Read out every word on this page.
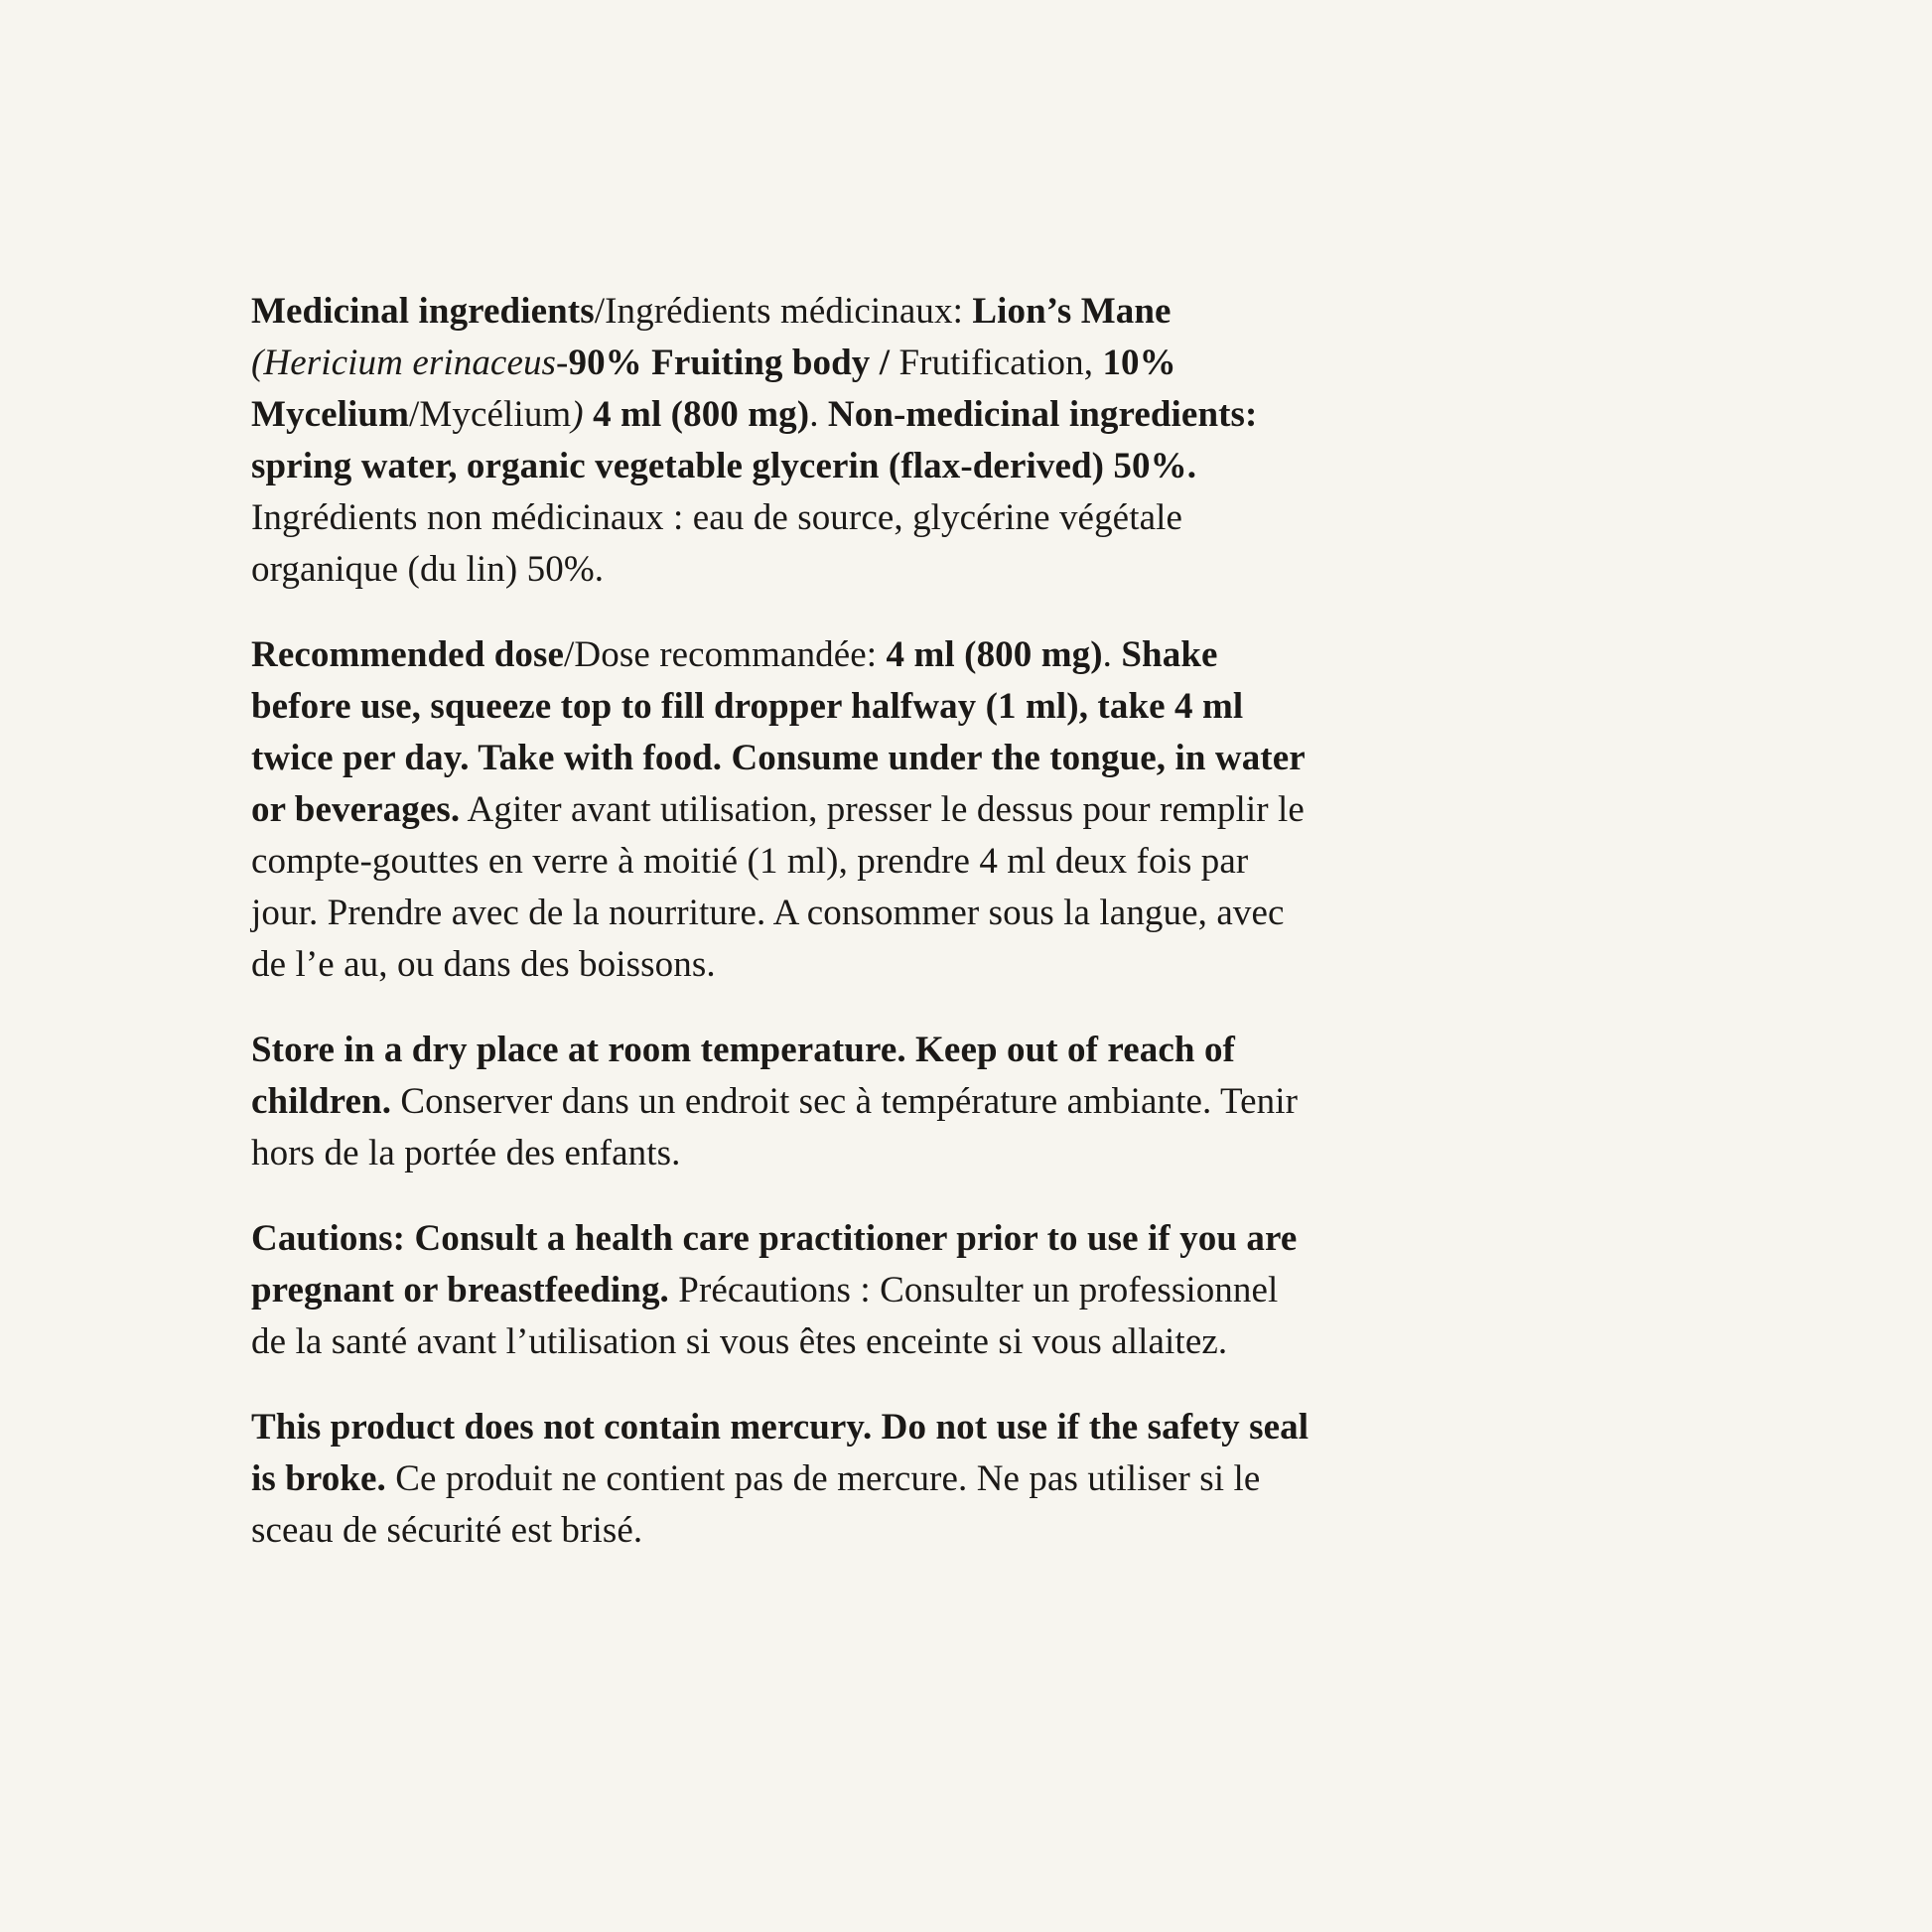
Medicinal ingredients/Ingrédients médicinaux: Lion’s Mane (Hericium erinaceus-90% Fruiting body / Frutification, 10% Mycelium/Mycélium) 4 ml (800 mg). Non-medicinal ingredients: spring water, organic vegetable glycerin (flax-derived) 50%. Ingrédients non médicinaux : eau de source, glycérine végétale organique (du lin) 50%.

Recommended dose/Dose recommandée: 4 ml (800 mg). Shake before use, squeeze top to fill dropper halfway (1 ml), take 4 ml twice per day. Take with food. Consume under the tongue, in water or beverages. Agiter avant utilisation, presser le dessus pour remplir le compte-gouttes en verre à moitié (1 ml), prendre 4 ml deux fois par jour. Prendre avec de la nourriture. A consommer sous la langue, avec de l’e au, ou dans des boissons.

Store in a dry place at room temperature. Keep out of reach of children. Conserver dans un endroit sec à température ambiante. Tenir hors de la portée des enfants.

Cautions: Consult a health care practitioner prior to use if you are pregnant or breastfeeding. Précautions : Consulter un professionnel de la santé avant l’utilisation si vous êtes enceinte si vous allaitez.

This product does not contain mercury. Do not use if the safety seal is broke. Ce produit ne contient pas de mercure. Ne pas utiliser si le sceau de sécurité est brisé.
